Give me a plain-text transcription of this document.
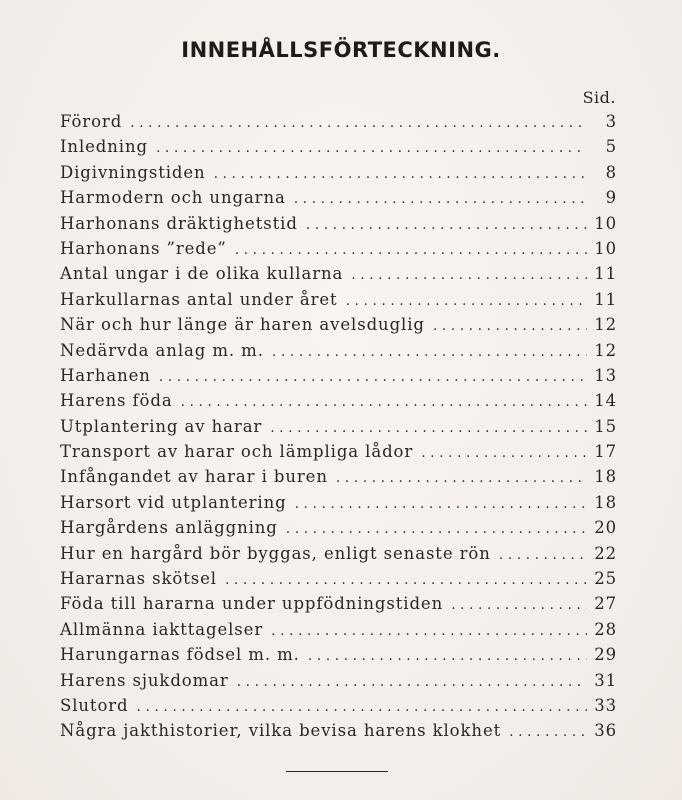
INNEHÅLLSFÖRTECKNING.
Sid.
Förord .....	3
Inledning .....	5
Digivningstiden .....	8
Harmodern och ungarna .....	9
Harhonans dräktighetstid .....	10
Harhonans ”rede” .....	10
Antal ungar i de olika kullarna .....	11
Harkullarnas antal under året .....	11
När och hur länge är haren avelsduglig .....	12
Nedärvda anlag m. m. .....	12
Harhanen .....	13
Harens föda .....	14
Utplantering av harar .....	15
Transport av harar och lämpliga lådor .....	17
Infångandet av harar i buren .....	18
Harsort vid utplantering .....	18
Hargårdens anläggning .....	20
Hur en hargård bör byggas, enligt senaste rön .....	22
Hararnas skötsel .....	25
Föda till hararna under uppfödningstiden .....	27
Allmänna iakttagelser .....	28
Harungarnas födsel m. m. .....	29
Harens sjukdomar .....	31
Slutord .....	33
Några jakthistorier, vilka bevisa harens klokhet .....	36
